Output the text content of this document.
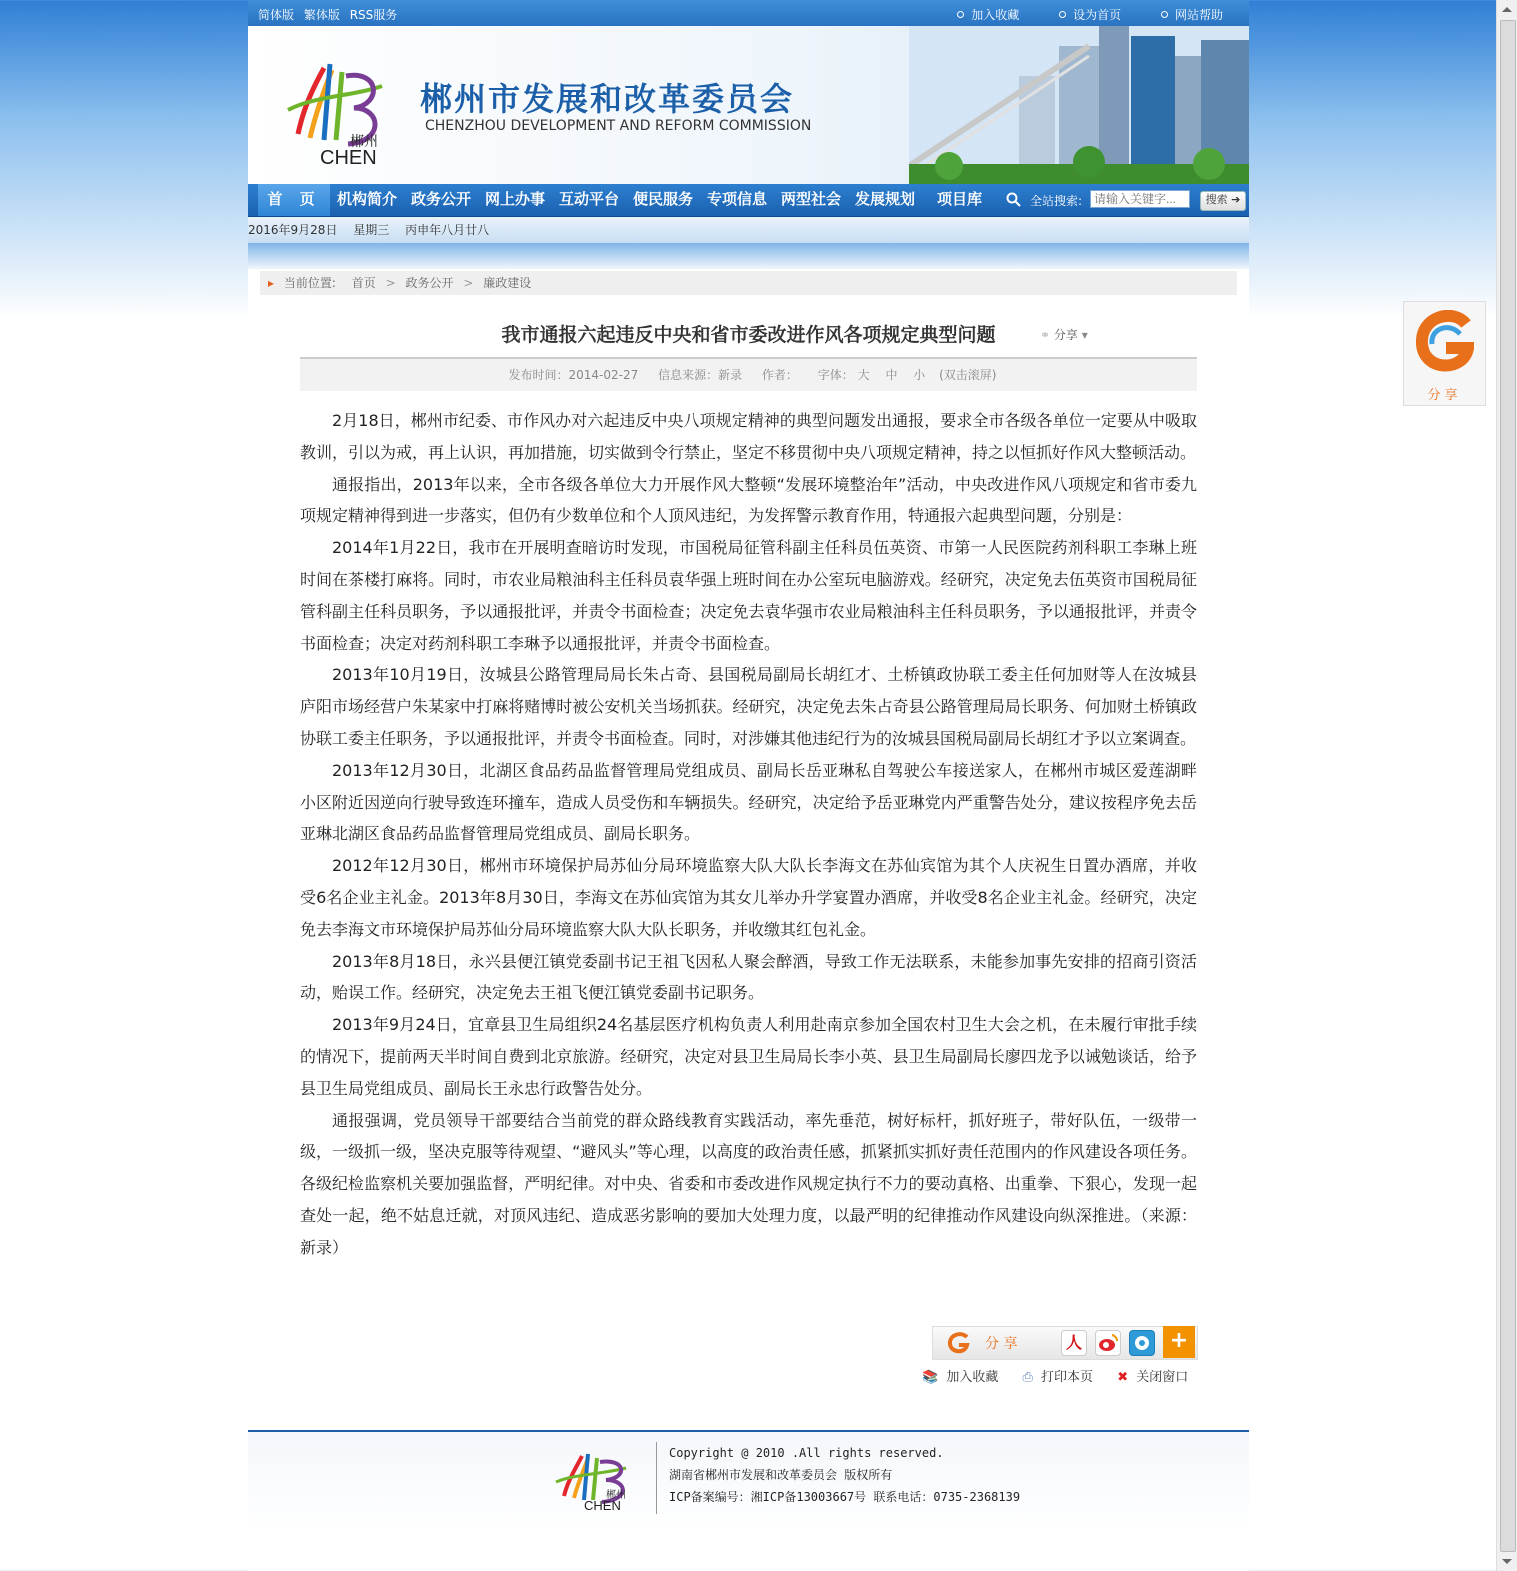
简体版 繁体版 RSS服务	加入收藏	设为首页	网站帮助
郴州
CHEN
郴州市发展和改革委员会
CHENZHOU DEVELOPMENT AND REFORM COMMISSION
首 页	机构简介 政务公开 网上办事 互动平台 便民服务 专项信息 两型社会 发展规划 项目库	全站搜索:
请输入关键字...	搜索 ➔
2016年9月28日 星期三 丙申年八月廿八
▸ 当前位置: 首页 > 政务公开 > 廉政建设
我市通报六起违反中央和省市委改进作风各项规定典型问题	⚭ 分享 ▾
发布时间：2014-02-27 信息来源：新录 作者： 字体： 大 中 小 (双击滚屏)

2月18日，郴州市纪委、市作风办对六起违反中央八项规定精神的典型问题发出通报，要求全市各级各单位一定要从中吸取教训，引以为戒，再上认识，再加措施，切实做到令行禁止，坚定不移贯彻中央八项规定精神，持之以恒抓好作风大整顿活动。

通报指出，2013年以来，全市各级各单位大力开展作风大整顿“发展环境整治年”活动，中央改进作风八项规定和省市委九项规定精神得到进一步落实，但仍有少数单位和个人顶风违纪，为发挥警示教育作用，特通报六起典型问题，分别是：

2014年1月22日，我市在开展明查暗访时发现，市国税局征管科副主任科员伍英资、市第一人民医院药剂科职工李琳上班时间在茶楼打麻将。同时，市农业局粮油科主任科员袁华强上班时间在办公室玩电脑游戏。经研究，决定免去伍英资市国税局征管科副主任科员职务，予以通报批评，并责令书面检查；决定免去袁华强市农业局粮油科主任科员职务，予以通报批评，并责令书面检查；决定对药剂科职工李琳予以通报批评，并责令书面检查。

2013年10月19日，汝城县公路管理局局长朱占奇、县国税局副局长胡红才、土桥镇政协联工委主任何加财等人在汝城县庐阳市场经营户朱某家中打麻将赌博时被公安机关当场抓获。经研究，决定免去朱占奇县公路管理局局长职务、何加财土桥镇政协联工委主任职务，予以通报批评，并责令书面检查。同时，对涉嫌其他违纪行为的汝城县国税局副局长胡红才予以立案调查。

2013年12月30日，北湖区食品药品监督管理局党组成员、副局长岳亚琳私自驾驶公车接送家人，在郴州市城区爱莲湖畔小区附近因逆向行驶导致连环撞车，造成人员受伤和车辆损失。经研究，决定给予岳亚琳党内严重警告处分，建议按程序免去岳亚琳北湖区食品药品监督管理局党组成员、副局长职务。

2012年12月30日，郴州市环境保护局苏仙分局环境监察大队大队长李海文在苏仙宾馆为其个人庆祝生日置办酒席，并收受6名企业主礼金。2013年8月30日，李海文在苏仙宾馆为其女儿举办升学宴置办酒席，并收受8名企业主礼金。经研究，决定免去李海文市环境保护局苏仙分局环境监察大队大队长职务，并收缴其红包礼金。

2013年8月18日，永兴县便江镇党委副书记王祖飞因私人聚会醉酒，导致工作无法联系，未能参加事先安排的招商引资活动，贻误工作。经研究，决定免去王祖飞便江镇党委副书记职务。

2013年9月24日，宜章县卫生局组织24名基层医疗机构负责人利用赴南京参加全国农村卫生大会之机，在未履行审批手续的情况下，提前两天半时间自费到北京旅游。经研究，决定对县卫生局局长李小英、县卫生局副局长廖四龙予以诫勉谈话，给予县卫生局党组成员、副局长王永忠行政警告处分。

通报强调，党员领导干部要结合当前党的群众路线教育实践活动，率先垂范，树好标杆，抓好班子，带好队伍，一级带一级，一级抓一级，坚决克服等待观望、“避风头”等心理，以高度的政治责任感，抓紧抓实抓好责任范围内的作风建设各项任务。各级纪检监察机关要加强监督，严明纪律。对中央、省委和市委改进作风规定执行不力的要动真格、出重拳、下狠心，发现一起查处一起，绝不姑息迁就，对顶风违纪、造成恶劣影响的要加大处理力度，以最严明的纪律推动作风建设向纵深推进。（来源：新录）

分 享	人	+
📚 加入收藏 ⎙ 打印本页 ✖ 关闭窗口
郴州
CHEN
Copyright @ 2010 .All rights reserved.
湖南省郴州市发展和改革委员会 版权所有
ICP备案编号：湘ICP备13003667号 联系电话：0735-2368139
分享
